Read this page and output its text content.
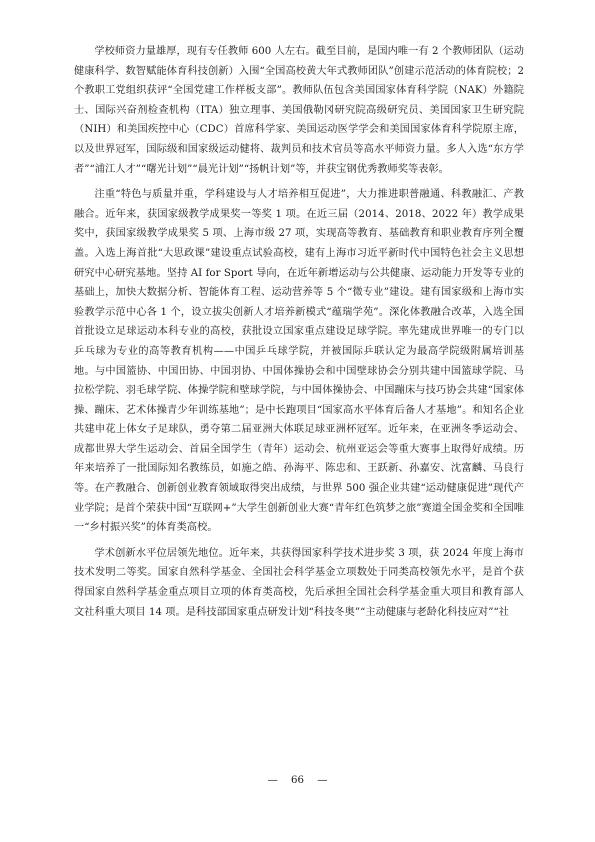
学校师资力量雄厚，现有专任教师 600 人左右。截至目前，是国内唯一有 2 个教师团队（运动健康科学、数智赋能体育科技创新）入围“全国高校黄大年式教师团队”创建示范活动的体育院校；2 个教职工党组织获评“全国党建工作样板支部”。教师队伍包含美国国家体育科学院（NAK）外籍院士、国际兴奋剂检查机构（ITA）独立理事、美国俄勒冈研究院高级研究员、美国国家卫生研究院（NIH）和美国疾控中心（CDC）首席科学家、美国运动医学学会和美国国家体育科学院原主席，以及世界冠军，国际级和国家级运动健将、裁判员和技术官员等高水平师资力量。多人入选“东方学者”“浦江人才”“曙光计划”“晨光计划”“扬帆计划”等，并获宝钢优秀教师奖等表彰。

注重“特色与质量并重，学科建设与人才培养相互促进”，大力推进职普融通、科教融汇、产教融合。近年来，获国家级教学成果奖一等奖 1 项。在近三届（2014、2018、2022 年）教学成果奖中，获国家级教学成果奖 5 项、上海市级 27 项，实现高等教育、基础教育和职业教育序列全覆盖。入选上海首批“大思政课”建设重点试验高校，建有上海市习近平新时代中国特色社会主义思想研究中心研究基地。坚持 AI for Sport 导向，在近年新增运动与公共健康、运动能力开发等专业的基础上，加快大数据分析、智能体育工程、运动营养等 5 个“微专业”建设。建有国家级和上海市实验教学示范中心各 1 个，设立拔尖创新人才培养新模式“蕴瑞学苑”。深化体教融合改革，入选全国首批设立足球运动本科专业的高校，获批设立国家重点建设足球学院。率先建成世界唯一的专门以乒乓球为专业的高等教育机构——中国乒乓球学院，并被国际乒联认定为最高学院级附属培训基地。与中国篮协、中国田协、中国羽协、中国体操协会和中国壁球协会分别共建中国篮球学院、马拉松学院、羽毛球学院、体操学院和壁球学院，与中国体操协会、中国蹦床与技巧协会共建“国家体操、蹦床、艺术体操青少年训练基地”；是中长跑项目“国家高水平体育后备人才基地”。和知名企业共建申花上体女子足球队，勇夺第二届亚洲大体联足球亚洲杯冠军。近年来，在亚洲冬季运动会、成都世界大学生运动会、首届全国学生（青年）运动会、杭州亚运会等重大赛事上取得好成绩。历年来培养了一批国际知名教练员，如施之皓、孙海平、陈忠和、王跃新、孙嘉安、沈富麟、马良行等。在产教融合、创新创业教育领域取得突出成绩，与世界 500 强企业共建“运动健康促进”现代产业学院；是首个荣获中国“互联网+”大学生创新创业大赛“青年红色筑梦之旅”赛道全国金奖和全国唯一“乡村振兴奖”的体育类高校。

学术创新水平位居领先地位。近年来，共获得国家科学技术进步奖 3 项，获 2024 年度上海市技术发明二等奖。国家自然科学基金、全国社会科学基金立项数处于同类高校领先水平，是首个获得国家自然科学基金重点项目立项的体育类高校，先后承担全国社会科学基金重大项目和教育部人文社科重大项目 14 项。是科技部国家重点研发计划“科技冬奥”“主动健康与老龄化科技应对”“社

— 66 —
